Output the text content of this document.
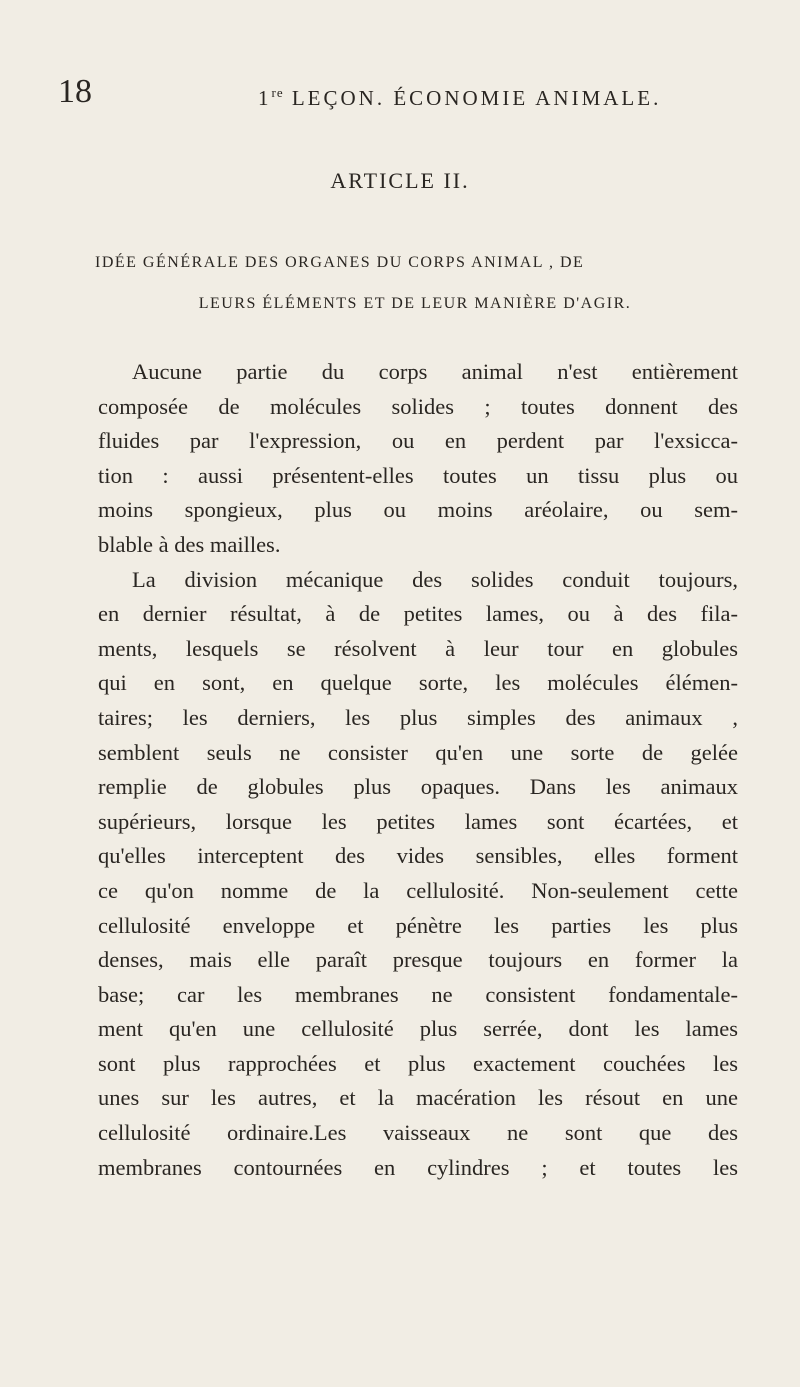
18	1re LEÇON. ÉCONOMIE ANIMALE.
ARTICLE II.
IDÉE GÉNÉRALE DES ORGANES DU CORPS ANIMAL , DE
LEURS ÉLÉMENTS ET DE LEUR MANIÈRE D'AGIR.
Aucune partie du corps animal n'est entièrement
composée de molécules solides ; toutes donnent des
fluides par l'expression, ou en perdent par l'exsicca-
tion : aussi présentent-elles toutes un tissu plus ou
moins spongieux, plus ou moins aréolaire, ou sem-
blable à des mailles.
La division mécanique des solides conduit toujours,
en dernier résultat, à de petites lames, ou à des fila-
ments, lesquels se résolvent à leur tour en globules
qui en sont, en quelque sorte, les molécules élémen-
taires; les derniers, les plus simples des animaux ,
semblent seuls ne consister qu'en une sorte de gelée
remplie de globules plus opaques. Dans les animaux
supérieurs, lorsque les petites lames sont écartées, et
qu'elles interceptent des vides sensibles, elles forment
ce qu'on nomme de la cellulosité. Non-seulement cette
cellulosité enveloppe et pénètre les parties les plus
denses, mais elle paraît presque toujours en former la
base; car les membranes ne consistent fondamentale-
ment qu'en une cellulosité plus serrée, dont les lames
sont plus rapprochées et plus exactement couchées les
unes sur les autres, et la macération les résout en une
cellulosité ordinaire.Les vaisseaux ne sont que des
membranes contournées en cylindres ; et toutes les
